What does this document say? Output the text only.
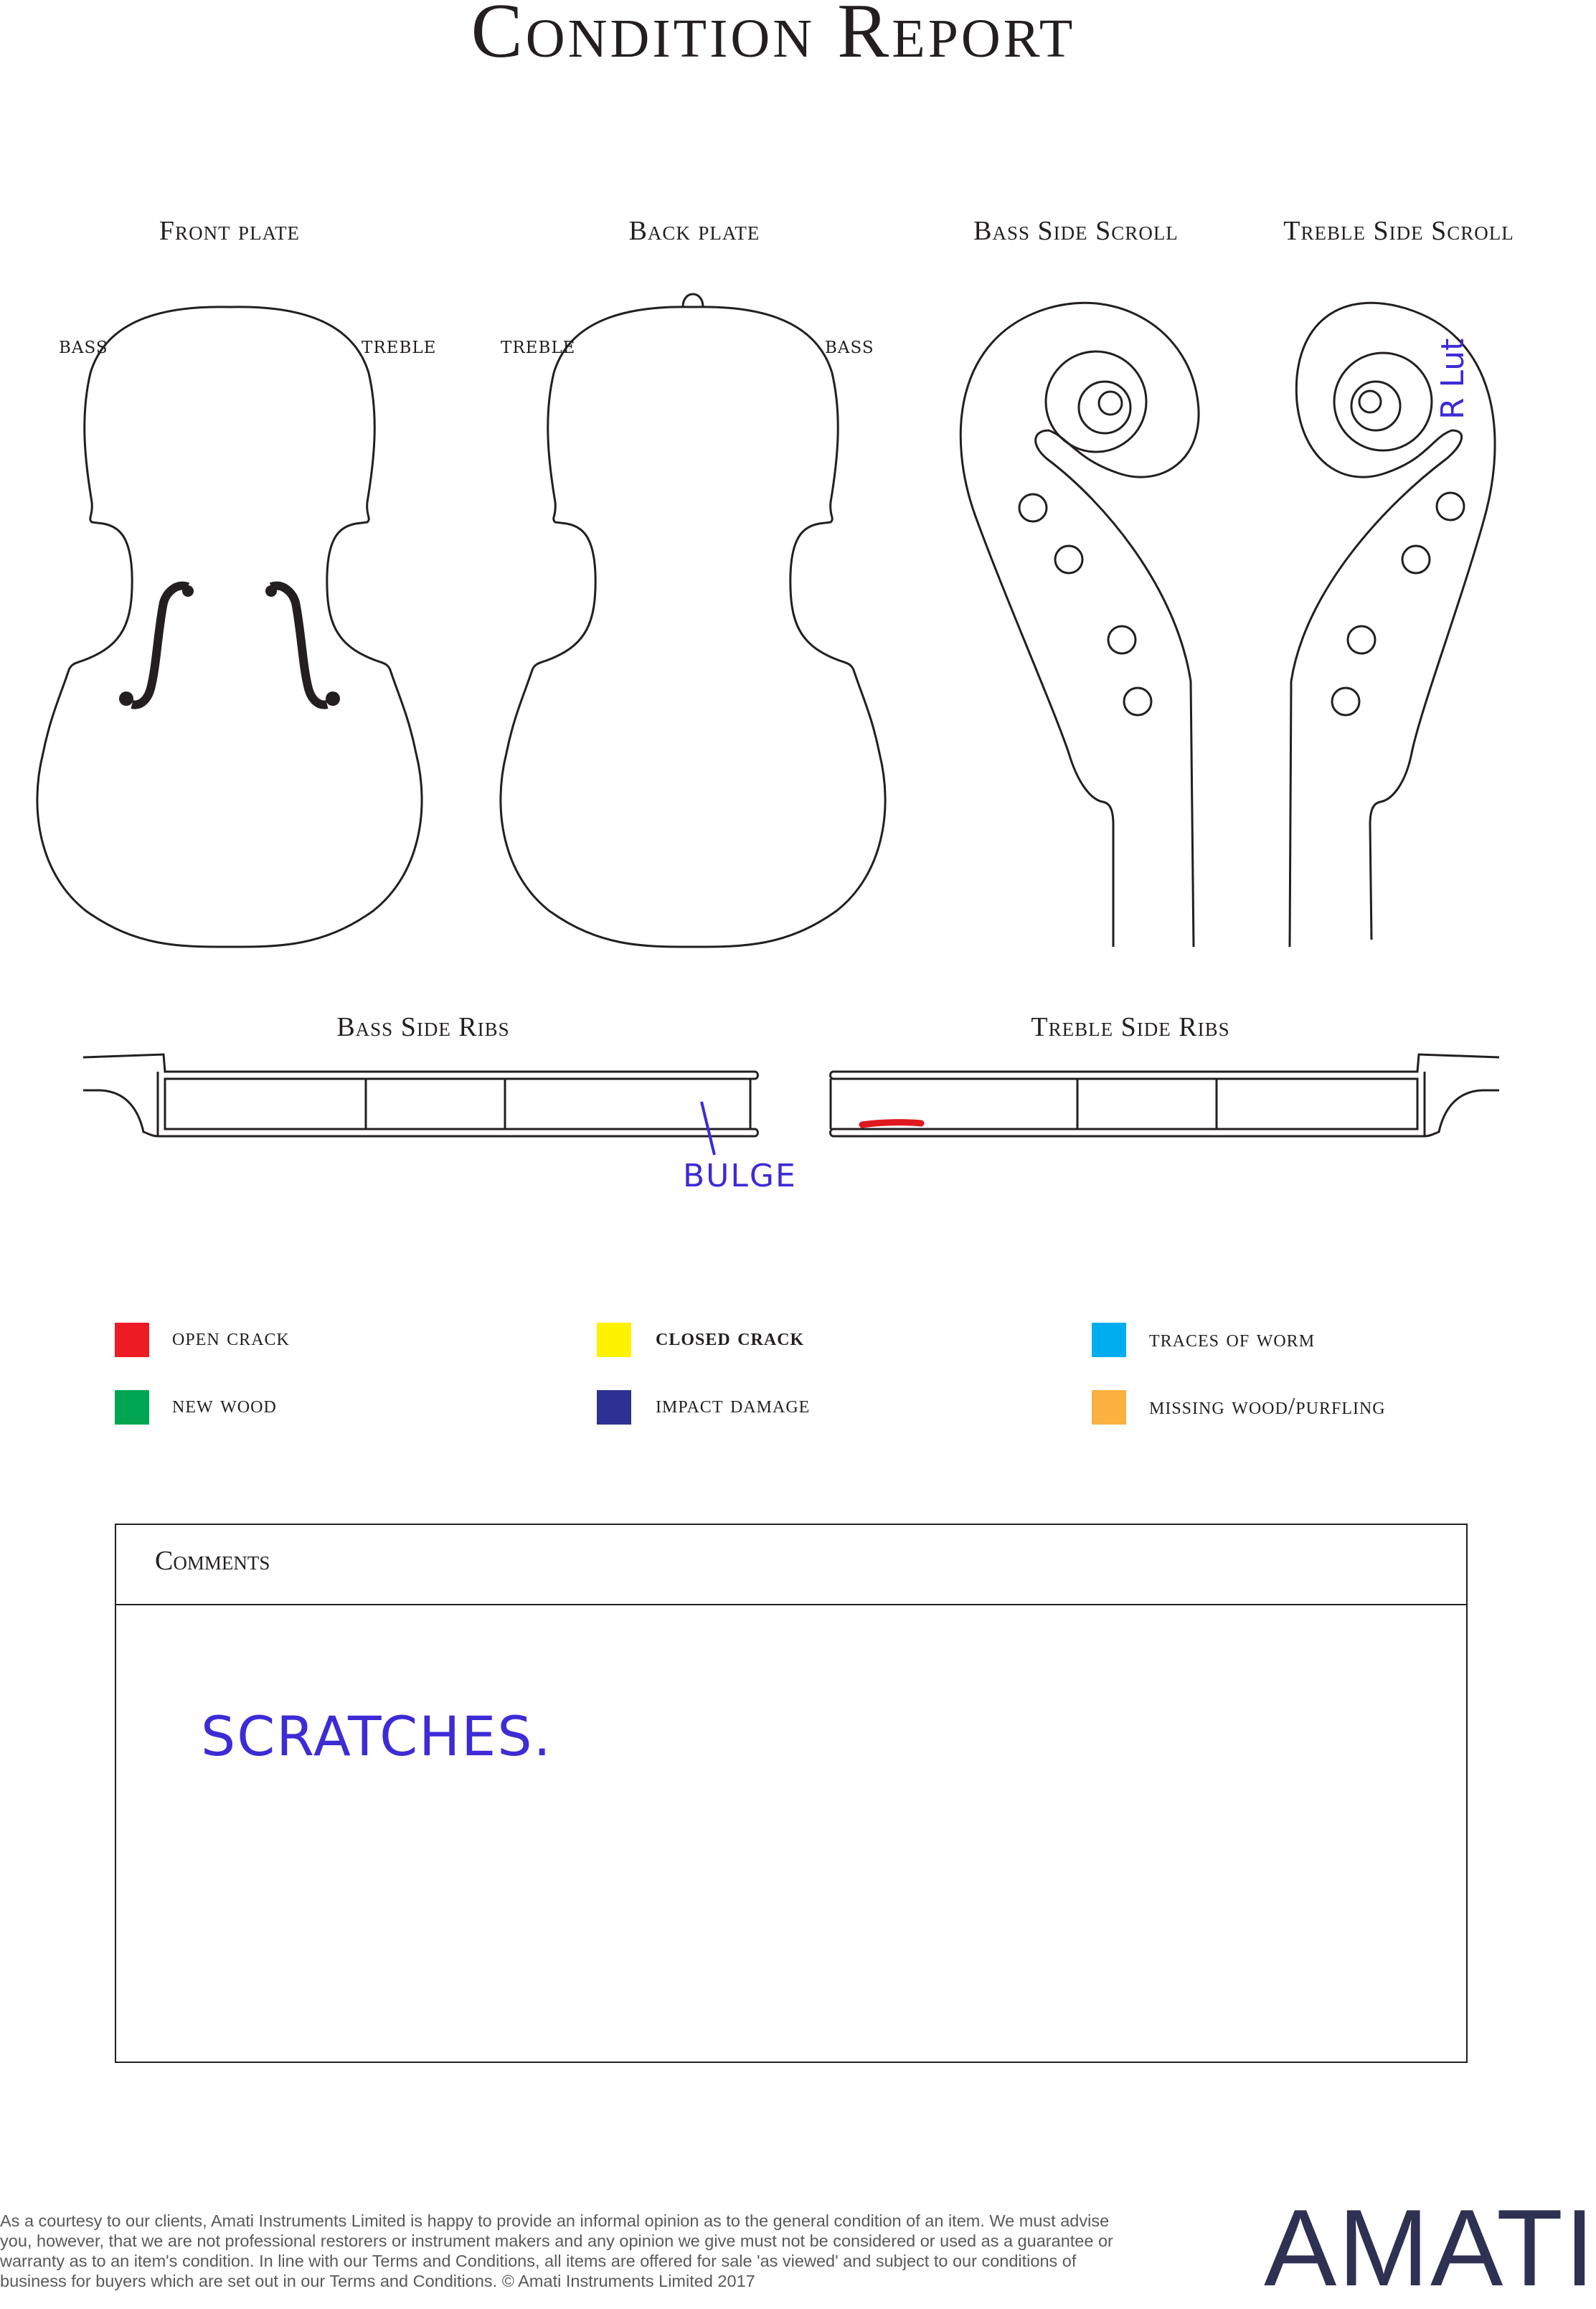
Condition Report
Front plate	Back plate	Bass Side Scroll	Treble Side Scroll
Bass Side Ribs	Treble Side Ribs
BASS	TREBLE	TREBLE	BASS
BULGE
R Lut
open crack	closed crack	traces of worm
new wood	impact damage	missing wood/purfling
Comments
SCRATCHES.
As a courtesy to our clients, Amati Instruments Limited is happy to provide an informal opinion as to the general condition of an item. We must advise you, however, that we are not professional restorers or instrument makers and any opinion we give must not be considered or used as a guarantee or warranty as to an item's condition. In line with our Terms and Conditions, all items are offered for sale 'as viewed' and subject to our conditions of business for buyers which are set out in our Terms and Conditions. © Amati Instruments Limited 2017	AMATI
